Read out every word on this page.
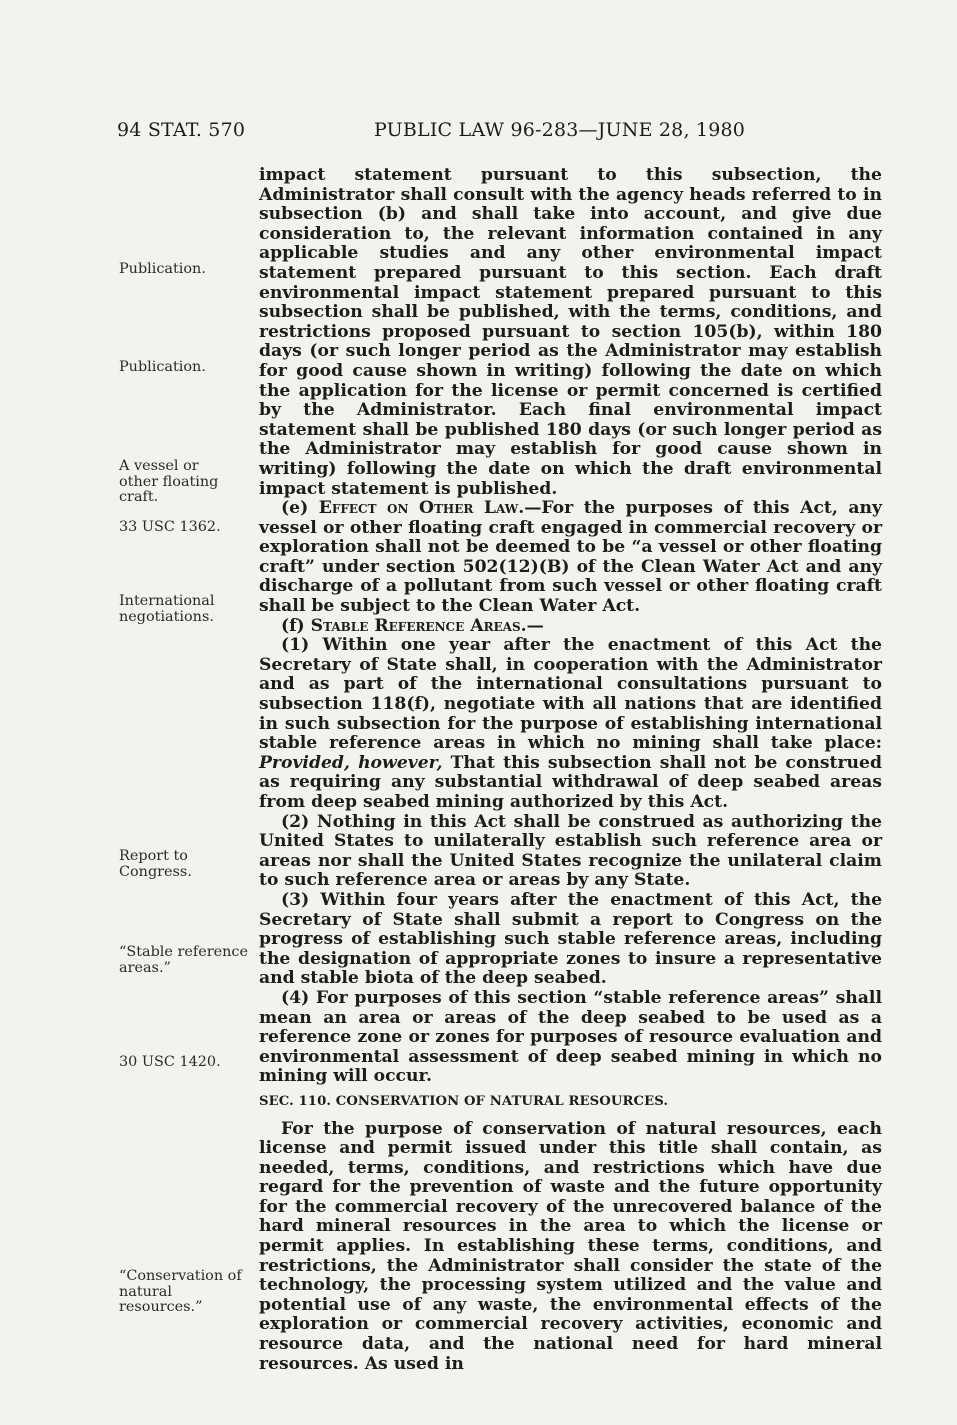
94 STAT. 570	PUBLIC LAW 96-283—JUNE 28, 1980
Publication.
Publication.
A vessel or other floating craft.
33 USC 1362.
International negotiations.
Report to Congress.
“Stable reference areas.”
30 USC 1420.
“Conservation of natural resources.”

impact statement pursuant to this subsection, the Administrator shall consult with the agency heads referred to in subsection (b) and shall take into account, and give due consideration to, the relevant information contained in any applicable studies and any other environmental impact statement prepared pursuant to this section. Each draft environmental impact statement prepared pursuant to this subsection shall be published, with the terms, conditions, and restrictions proposed pursuant to section 105(b), within 180 days (or such longer period as the Administrator may establish for good cause shown in writing) following the date on which the application for the license or permit concerned is certified by the Administrator. Each final environmental impact statement shall be published 180 days (or such longer period as the Administrator may establish for good cause shown in writing) following the date on which the draft environmental impact statement is published.

(e) Effect on Other Law.—For the purposes of this Act, any vessel or other floating craft engaged in commercial recovery or exploration shall not be deemed to be “a vessel or other floating craft” under section 502(12)(B) of the Clean Water Act and any discharge of a pollutant from such vessel or other floating craft shall be subject to the Clean Water Act.

(f) Stable Reference Areas.—

(1) Within one year after the enactment of this Act the Secretary of State shall, in cooperation with the Administrator and as part of the international consultations pursuant to subsection 118(f), negotiate with all nations that are identified in such subsection for the purpose of establishing international stable reference areas in which no mining shall take place: Provided, however, That this subsection shall not be construed as requiring any substantial withdrawal of deep seabed areas from deep seabed mining authorized by this Act.

(2) Nothing in this Act shall be construed as authorizing the United States to unilaterally establish such reference area or areas nor shall the United States recognize the unilateral claim to such reference area or areas by any State.

(3) Within four years after the enactment of this Act, the Secretary of State shall submit a report to Congress on the progress of establishing such stable reference areas, including the designation of appropriate zones to insure a representative and stable biota of the deep seabed.

(4) For purposes of this section “stable reference areas” shall mean an area or areas of the deep seabed to be used as a reference zone or zones for purposes of resource evaluation and environmental assessment of deep seabed mining in which no mining will occur.

SEC. 110. CONSERVATION OF NATURAL RESOURCES.

For the purpose of conservation of natural resources, each license and permit issued under this title shall contain, as needed, terms, conditions, and restrictions which have due regard for the prevention of waste and the future opportunity for the commercial recovery of the unrecovered balance of the hard mineral resources in the area to which the license or permit applies. In establishing these terms, conditions, and restrictions, the Administrator shall consider the state of the technology, the processing system utilized and the value and potential use of any waste, the environmental effects of the exploration or commercial recovery activities, economic and resource data, and the national need for hard mineral resources. As used in
